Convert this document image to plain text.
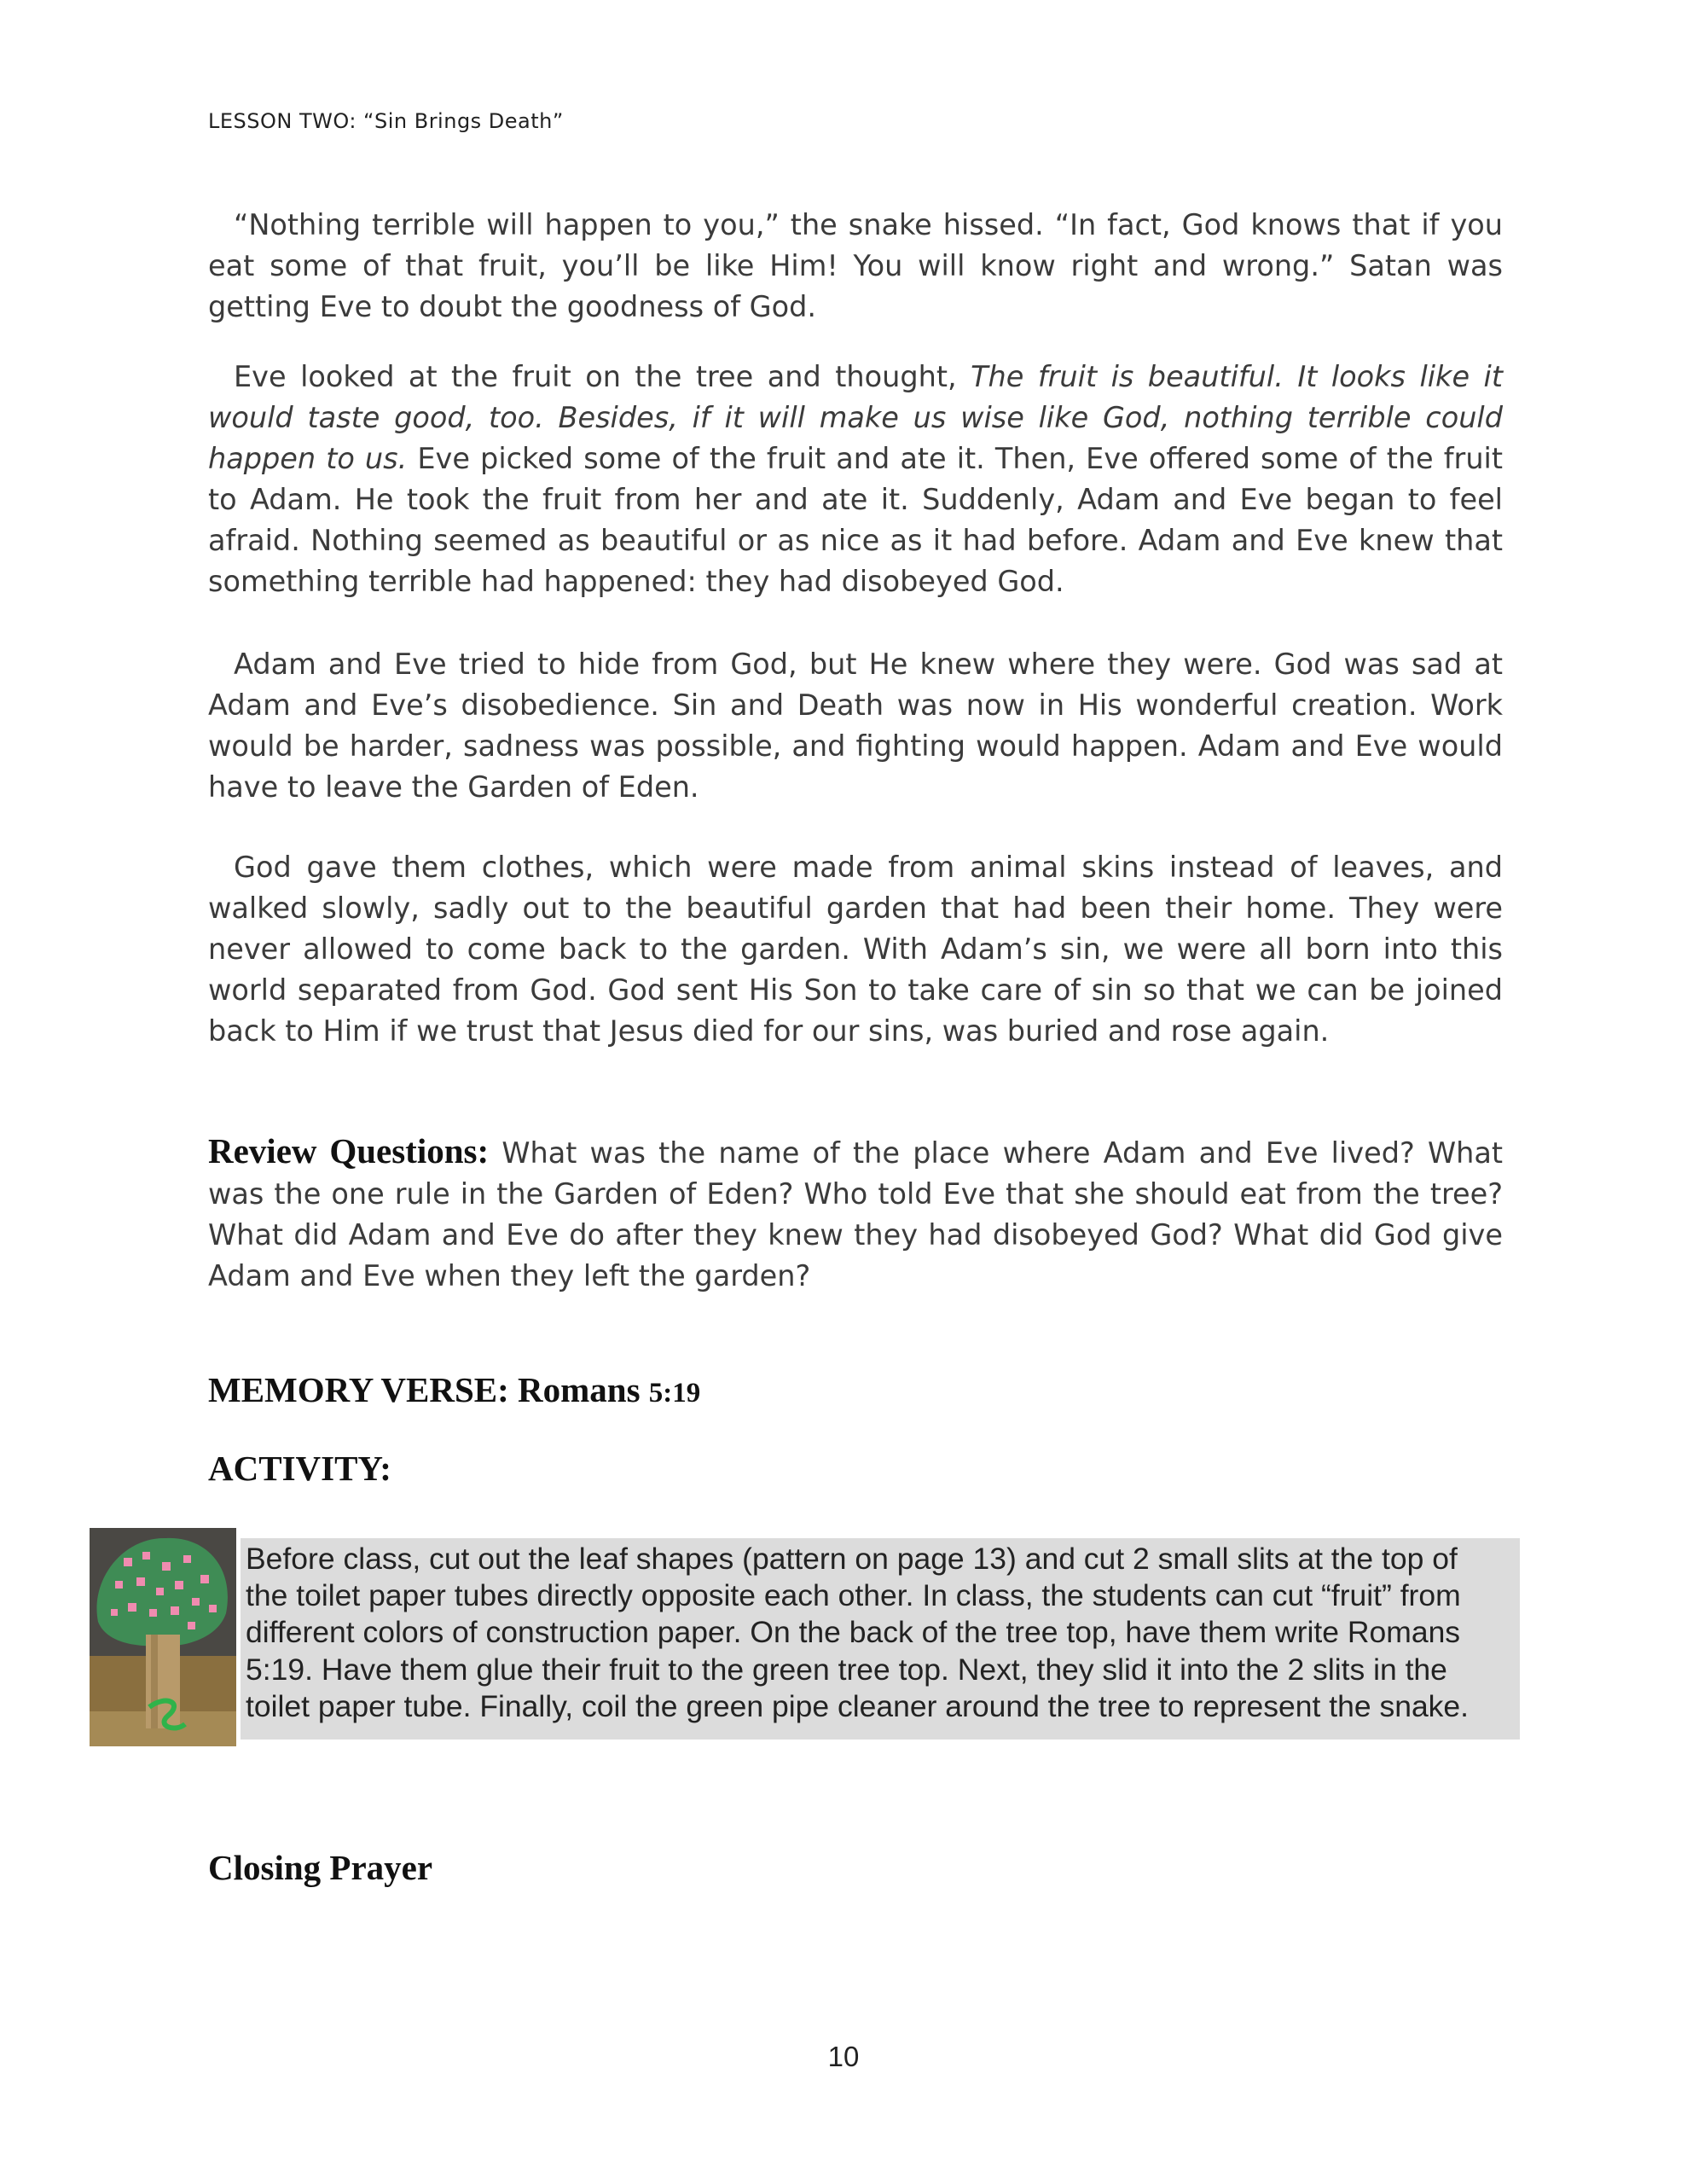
LESSON TWO: “Sin Brings Death”

“Nothing terrible will happen to you,” the snake hissed. “In fact, God knows that if you eat some of that fruit, you’ll be like Him! You will know right and wrong.” Satan was getting Eve to doubt the goodness of God.

Eve looked at the fruit on the tree and thought, The fruit is beautiful. It looks like it would taste good, too. Besides, if it will make us wise like God, nothing terrible could happen to us. Eve picked some of the fruit and ate it. Then, Eve offered some of the fruit to Adam. He took the fruit from her and ate it. Suddenly, Adam and Eve began to feel afraid. Nothing seemed as beautiful or as nice as it had before. Adam and Eve knew that something terrible had happened: they had disobeyed God.

Adam and Eve tried to hide from God, but He knew where they were. God was sad at Adam and Eve’s disobedience. Sin and Death was now in His wonderful creation. Work would be harder, sadness was possible, and fighting would happen. Adam and Eve would have to leave the Garden of Eden.

God gave them clothes, which were made from animal skins instead of leaves, and walked slowly, sadly out to the beautiful garden that had been their home. They were never allowed to come back to the garden. With Adam’s sin, we were all born into this world separated from God. God sent His Son to take care of sin so that we can be joined back to Him if we trust that Jesus died for our sins, was buried and rose again.

Review Questions: What was the name of the place where Adam and Eve lived? What was the one rule in the Garden of Eden? Who told Eve that she should eat from the tree? What did Adam and Eve do after they knew they had disobeyed God? What did God give Adam and Eve when they left the garden?
MEMORY VERSE: Romans 5:19
ACTIVITY:
Before class, cut out the leaf shapes (pattern on page 13) and cut 2 small slits at the top of
the toilet paper tubes directly opposite each other. In class, the students can cut “fruit” from
different colors of construction paper. On the back of the tree top, have them write Romans
5:19. Have them glue their fruit to the green tree top. Next, they slid it into the 2 slits in the
toilet paper tube. Finally, coil the green pipe cleaner around the tree to represent the snake.
Closing Prayer
10
